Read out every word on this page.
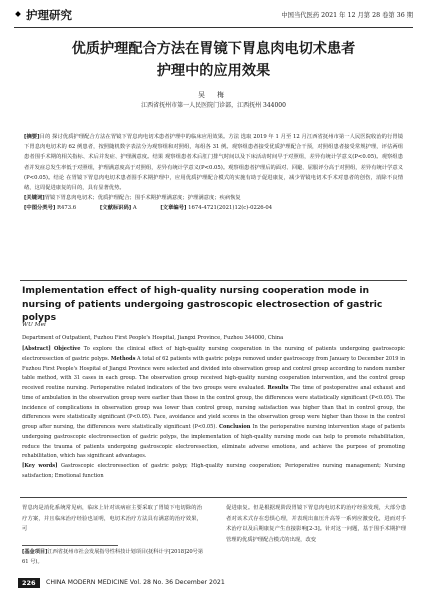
护理研究	中国当代医药 2021 年 12 月第 28 卷第 36 期
优质护理配合方法在胃镜下胃息肉电切术患者
护理中的应用效果
吴 梅
江西省抚州市第一人民医院门诊部，江西抚州 344000
[摘要]目的 探讨优质护理配合方法在胃镜下胃息肉电切术患者护理中的临床应用效果。方法 选取 2019 年 1 月至 12 月江西省抚州市第一人民医院收治的行胃镜下胃息肉电切术的 62 例患者，按照随机数字表法分为观察组和对照组，每组各 31 例。观察组患者接受优质护理配合干预，对照组患者接受常规护理，评估两组患者围手术期的相关指标、术后并发症、护理满意度。结果 观察组患者术后肛门排气时间以及下床活动时间早于对照组，差异有统计学意义(P<0.05)。观察组患者并发症总发生率低于对照组，护理满意度高于对照组，差异有统计学意义(P<0.05)。观察组患者护理后的面对、回避、屈服评分高于对照组，差异有统计学意义(P<0.05)。结论 在胃镜下胃息肉电切术患者围手术期护理中，应用优质护理配合模式的实施有助于促进康复，减少胃镜电切术手术对患者的创伤，消除不良情绪，这周促进康复的目的，具有显著优势。
[关键词]胃镜下胃息肉电切术；优质护理配合；围手术期护理满意度；护理满意度；疾病恢复
[中图分类号] R473.6	[文献标识码] A	[文章编号] 1674-4721(2021)12(c)-0226-04
Implementation effect of high-quality nursing cooperation mode in nursing of patients undergoing gastroscopic electrosection of gastric polyps
WU Mei
Department of Outpatient, Fuzhou First People's Hospital, Jiangxi Province, Fuzhou 344000, China
[Abstract] Objective To explore the clinical effect of high-quality nursing cooperation in the nursing of patients undergoing gastroscopic electroresection of gastric polyps. Methods A total of 62 patients with gastric polyps removed under gastroscopy from January to December 2019 in Fuzhou First People's Hospital of Jiangxi Province were selected and divided into observation group and control group according to random number table method, with 31 cases in each group. The observation group received high-quality nursing cooperation intervention, and the control group received routine nursing. Perioperative related indicators of the two groups were evaluated. Results The time of postoperative anal exhaust and time of ambulation in the observation group were earlier than those in the control group, the differences were statistically significant (P<0.05). The incidence of complications in observation group was lower than control group, nursing satisfaction was higher than that in control group, the differences were statistically significant (P<0.05). Face, avoidance and yield scores in the observation group were higher than those in the control group after nursing, the differences were statistically significant (P<0.05). Conclusion In the perioperative nursing intervention stage of patients undergoing gastroscopic electroresection of gastric polyps, the implementation of high-quality nursing mode can help to promote rehabilitation, reduce the trauma of patients undergoing gastroscopic electroresection, eliminate adverse emotions, and achieve the purpose of promoting rehabilitation, which has significant advantages.
[Key words] Gastroscopic electroresection of gastric polyp; High-quality nursing cooperation; Perioperative nursing management; Nursing satisfaction; Emotional function
胃息肉是消化系统常见病，临床上针对该病症主要采取了胃镜下电切除的治疗方案，并且临床治疗经验也证明，电切术治疗方法具有满意的治疗效果，可
促进康复。但是根据现阶段胃镜下胃息肉电切术的治疗经验发现，大部分患者对该术式存在恐惧心理，并表现出血压升高等一系列应激变化，进而对手术治疗以及后期康复产生直接影响[2-3]。针对这一问题，基于围手术期护理管理的优质护理配合模式的出现，改变
[基金项目]江西省抚州市社会发展指导性科技计划项目(抚科计字[2018]20号第 61 号)。
226	CHINA MODERN MEDICINE Vol. 28 No. 36 December 2021
